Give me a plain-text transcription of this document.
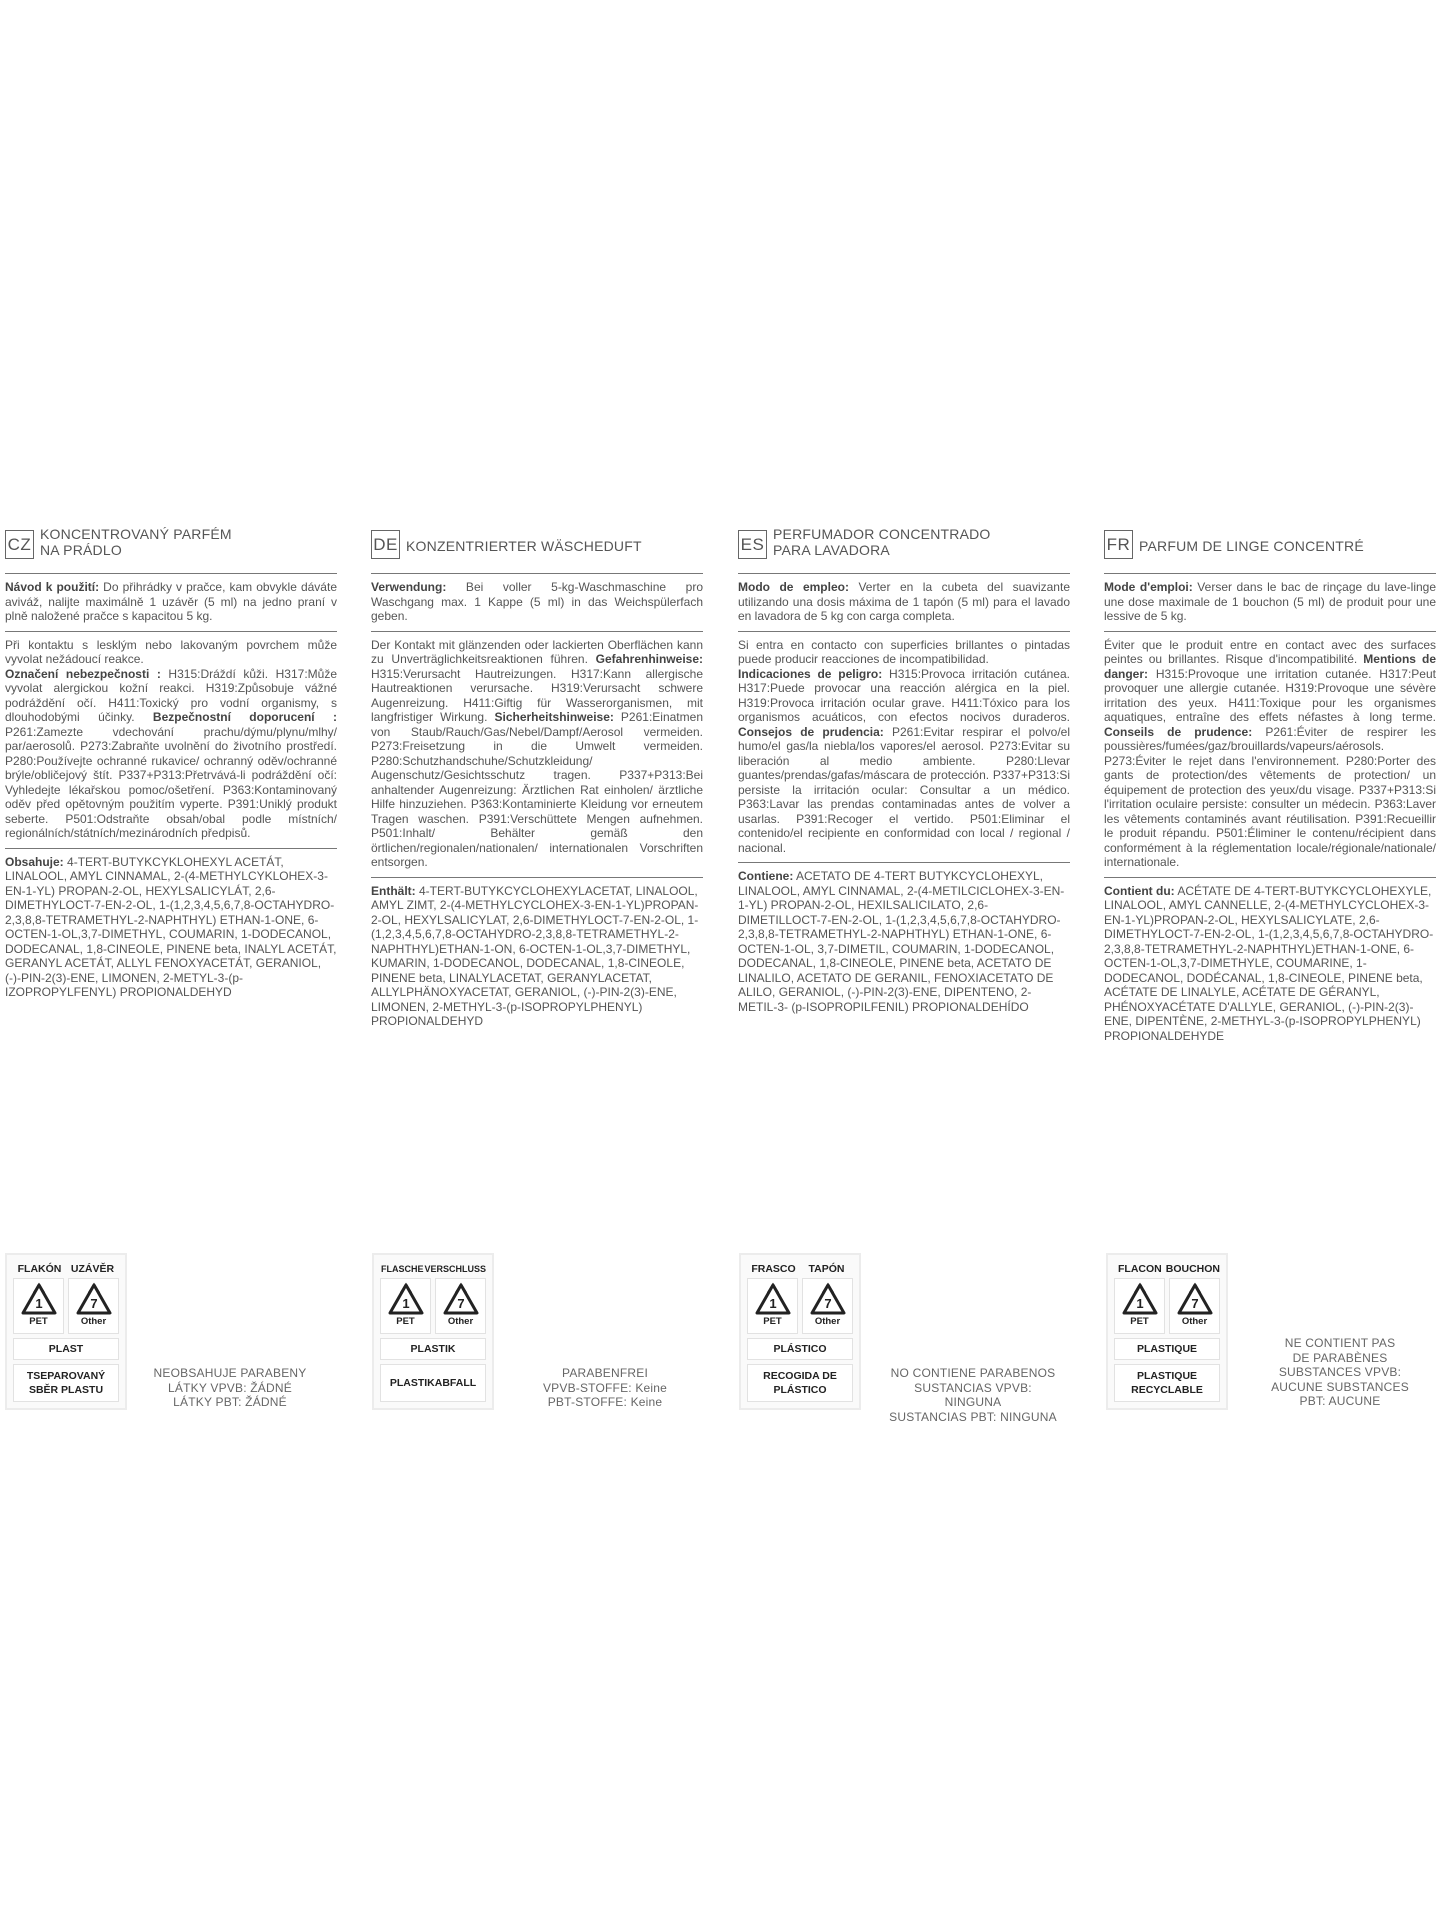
CZ
KONCENTROVANÝ PARFÉM
NA PRÁDLO

Návod k použití: Do přihrádky v pračce, kam obvykle dáváte aviváž, nalijte maximálně 1 uzávěr (5 ml) na jedno praní v plně naložené pračce s kapacitou 5 kg.

Při kontaktu s lesklým nebo lakovaným povrchem může vyvolat nežádoucí reakce.
Označení nebezpečnosti : H315:Dráždí kůži. H317:Může vyvolat alergickou kožní reakci. H319:Způsobuje vážné podráždění očí. H411:Toxický pro vodní organismy, s dlouhodobými účinky. Bezpečnostní doporucení : P261:Zamezte vdechování prachu/dýmu/plynu/mlhy/ par/aerosolů. P273:Zabraňte uvolnění do životního prostředí. P280:Používejte ochranné rukavice/ ochranný oděv/ochranné brýle/obličejový štít. P337+P313:Přetrvává-li podráždění očí: Vyhledejte lékařskou pomoc/ošetření. P363:Kontaminovaný oděv před opětovným použitím vyperte. P391:Uniklý produkt seberte. P501:Odstraňte obsah/obal podle místních/ regionálních/státních/mezinárodních předpisů.

Obsahuje: 4-TERT-BUTYKCYKLOHEXYL ACETÁT, LINALOOL, AMYL CINNAMAL, 2-(4-METHYLCYKLOHEX-3-EN-1-YL) PROPAN-2-OL, HEXYLSALICYLÁT, 2,6-DIMETHYLOCT-7-EN-2-OL, 1-(1,2,3,4,5,6,7,8-OCTAHYDRO-2,3,8,8-TETRAMETHYL-2-NAPHTHYL) ETHAN-1-ONE, 6-OCTEN-1-OL,3,7-DIMETHYL, COUMARIN, 1-DODECANOL, DODECANAL, 1,8-CINEOLE, PINENE beta, INALYL ACETÁT, GERANYL ACETÁT, ALLYL FENOXYACETÁT, GERANIOL, (-)-PIN-2(3)-ENE, LIMONEN, 2-METYL-3-(p-IZOPROPYLFENYL) PROPIONALDEHYD

DE KONZENTRIERTER WÄSCHEDUFT

Verwendung: Bei voller 5-kg-Waschmaschine pro Waschgang max. 1 Kappe (5 ml) in das Weichspülerfach geben.

Der Kontakt mit glänzenden oder lackierten Oberflächen kann zu Unverträglichkeitsreaktionen führen. Gefahrenhinweise: H315:Verursacht Hautreizungen. H317:Kann allergische Hautreaktionen verursache. H319:Verursacht schwere Augenreizung. H411:Giftig für Wasserorganismen, mit langfristiger Wirkung. Sicherheitshinweise: P261:Einatmen von Staub/Rauch/Gas/Nebel/Dampf/Aerosol vermeiden. P273:Freisetzung in die Umwelt vermeiden. P280:Schutzhandschuhe/Schutzkleidung/ Augenschutz/Gesichtsschutz tragen. P337+P313:Bei anhaltender Augenreizung: Ärztlichen Rat einholen/ ärztliche Hilfe hinzuziehen. P363:Kontaminierte Kleidung vor erneutem Tragen waschen. P391:Verschüttete Mengen aufnehmen. P501:Inhalt/ Behälter gemäß den örtlichen/regionalen/nationalen/ internationalen Vorschriften entsorgen.

Enthält: 4-TERT-BUTYKCYCLOHEXYLACETAT, LINALOOL, AMYL ZIMT, 2-(4-METHYLCYCLOHEX-3-EN-1-YL)PROPAN-2-OL, HEXYLSALICYLAT, 2,6-DIMETHYLOCT-7-EN-2-OL, 1-(1,2,3,4,5,6,7,8-OCTAHYDRO-2,3,8,8-TETRAMETHYL-2-NAPHTHYL)ETHAN-1-ON, 6-OCTEN-1-OL,3,7-DIMETHYL, KUMARIN, 1-DODECANOL, DODECANAL, 1,8-CINEOLE, PINENE beta, LINALYLACETAT, GERANYLACETAT, ALLYLPHÄNOXYACETAT, GERANIOL, (-)-PIN-2(3)-ENE, LIMONEN, 2-METHYL-3-(p-ISOPROPYLPHENYL) PROPIONALDEHYD

ES
PERFUMADOR CONCENTRADO
PARA LAVADORA

Modo de empleo: Verter en la cubeta del suavizante utilizando una dosis máxima de 1 tapón (5 ml) para el lavado en lavadora de 5 kg con carga completa.

Si entra en contacto con superficies brillantes o pintadas puede producir reacciones de incompatibilidad.
Indicaciones de peligro: H315:Provoca irritación cutánea. H317:Puede provocar una reacción alérgica en la piel. H319:Provoca irritación ocular grave. H411:Tóxico para los organismos acuáticos, con efectos nocivos duraderos. Consejos de prudencia: P261:Evitar respirar el polvo/el humo/el gas/la niebla/los vapores/el aerosol. P273:Evitar su liberación al medio ambiente. P280:Llevar guantes/prendas/gafas/máscara de protección. P337+P313:Si persiste la irritación ocular: Consultar a un médico. P363:Lavar las prendas contaminadas antes de volver a usarlas. P391:Recoger el vertido. P501:Eliminar el contenido/el recipiente en conformidad con local / regional / nacional.

Contiene: ACETATO DE 4-TERT BUTYKCYCLOHEXYL, LINALOOL, AMYL CINNAMAL, 2-(4-METILCICLOHEX-3-EN-1-YL) PROPAN-2-OL, HEXILSALICILATO, 2,6-DIMETILLOCT-7-EN-2-OL, 1-(1,2,3,4,5,6,7,8-OCTAHYDRO-2,3,8,8-TETRAMETHYL-2-NAPHTHYL) ETHAN-1-ONE, 6-OCTEN-1-OL, 3,7-DIMETIL, COUMARIN, 1-DODECANOL, DODECANAL, 1,8-CINEOLE, PINENE beta, ACETATO DE LINALILO, ACETATO DE GERANIL, FENOXIACETATO DE ALILO, GERANIOL, (-)-PIN-2(3)-ENE, DIPENTENO, 2-METIL-3- (p-ISOPROPILFENIL) PROPIONALDEHÍDO

FR PARFUM DE LINGE CONCENTRÉ

Mode d'emploi: Verser dans le bac de rinçage du lave-linge une dose maximale de 1 bouchon (5 ml) de produit pour une lessive de 5 kg.

Éviter que le produit entre en contact avec des surfaces peintes ou brillantes. Risque d'incompatibilité. Mentions de danger: H315:Provoque une irritation cutanée. H317:Peut provoquer une allergie cutanée. H319:Provoque une sévère irritation des yeux. H411:Toxique pour les organismes aquatiques, entraîne des effets néfastes à long terme. Conseils de prudence: P261:Éviter de respirer les poussières/fumées/gaz/brouillards/vapeurs/aérosols. P273:Éviter le rejet dans l'environnement. P280:Porter des gants de protection/des vêtements de protection/ un équipement de protection des yeux/du visage. P337+P313:Si l'irritation oculaire persiste: consulter un médecin. P363:Laver les vêtements contaminés avant réutilisation. P391:Recueillir le produit répandu. P501:Éliminer le contenu/récipient dans conformément à la réglementation locale/régionale/nationale/ internationale.

Contient du: ACÉTATE DE 4-TERT-BUTYKCYCLOHEXYLE, LINALOOL, AMYL CANNELLE, 2-(4-METHYLCYCLOHEX-3-EN-1-YL)PROPAN-2-OL, HEXYLSALICYLATE, 2,6-DIMETHYLOCT-7-EN-2-OL, 1-(1,2,3,4,5,6,7,8-OCTAHYDRO-2,3,8,8-TETRAMETHYL-2-NAPHTHYL)ETHAN-1-ONE, 6-OCTEN-1-OL,3,7-DIMETHYLE, COUMARINE, 1-DODECANOL, DODÉCANAL, 1,8-CINEOLE, PINENE beta, ACÉTATE DE LINALYLE, ACÉTATE DE GÉRANYL, PHÉNOXYACÉTATE D'ALLYLE, GERANIOL, (-)-PIN-2(3)-ENE, DIPENTÈNE, 2-METHYL-3-(p-ISOPROPYLPHENYL) PROPIONALDEHYDE

FLAKÓN UZÁVĚR
1
PET
7
Other
PLAST
TSEPAROVANÝ
SBĚR PLASTU
NEOBSAHUJE PARABENY
LÁTKY VPVB: ŽÁDNÉ
LÁTKY PBT: ŽÁDNÉ
FLASCHE VERSCHLUSS
1
PET
7
Other
PLASTIK
PLASTIKABFALL
PARABENFREI
VPVB-STOFFE: Keine
PBT-STOFFE: Keine
FRASCO	TAPÓN
1
PET
7
Other
PLÁSTICO
RECOGIDA DE
PLÁSTICO
NO CONTIENE PARABENOS
SUSTANCIAS VPVB: NINGUNA
SUSTANCIAS PBT: NINGUNA
FLACON BOUCHON
1
PET
7
Other
PLASTIQUE
PLASTIQUE
RECYCLABLE
NE CONTIENT PAS
DE PARABÈNES
SUBSTANCES VPVB:
AUCUNE SUBSTANCES
PBT: AUCUNE
